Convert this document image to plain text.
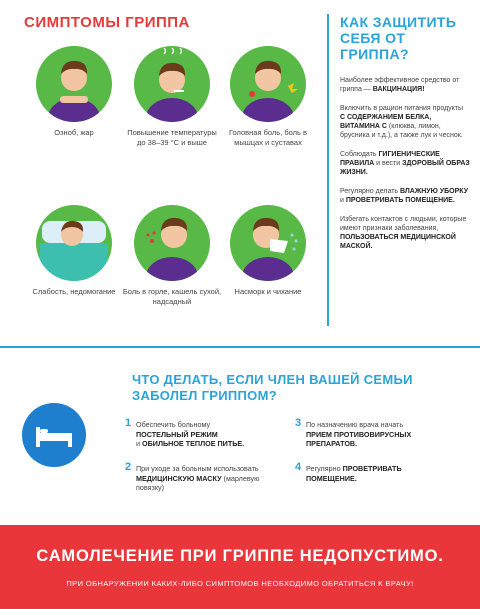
СИМПТОМЫ ГРИППА
Озноб, жар	Повышение температуры до 38–39 °С и выше
Головная боль, боль в мышцах и суставах
Слабость, недомогание Боль в горле, кашель сухой, надсадный
Насморк и чихание
КАК ЗАЩИТИТЬ СЕБЯ ОТ ГРИППА?

Наиболее эффективное средство от гриппа — ВАКЦИНАЦИЯ!

Включить в рацион питания продукты С СОДЕРЖАНИЕМ БЕЛКА, ВИТАМИНА С (клюква, лимон, брусника и т.д.), а также лук и чеснок.

Соблюдать ГИГИЕНИЧЕСКИЕ ПРАВИЛА и вести ЗДОРОВЫЙ ОБРАЗ ЖИЗНИ.

Регулярно делать ВЛАЖНУЮ УБОРКУ и ПРОВЕТРИВАТЬ ПОМЕЩЕНИЕ.

Избегать контактов с людьми, которые имеют признаки заболевания, ПОЛЬЗОВАТЬСЯ МЕДИЦИНСКОЙ МАСКОЙ.

ЧТО ДЕЛАТЬ, ЕСЛИ ЧЛЕН ВАШЕЙ СЕМЬИ ЗАБОЛЕЛ ГРИППОМ?
1 Обеспечить больному
ПОСТЕЛЬНЫЙ РЕЖИМ
и ОБИЛЬНОЕ ТЕПЛОЕ ПИТЬЕ.
2 При уходе за больным использовать
МЕДИЦИНСКУЮ МАСКУ (марлевую повязку)
3 По назначению врача начать
ПРИЕМ ПРОТИВОВИРУСНЫХ ПРЕПАРАТОВ.
4 Регулярно ПРОВЕТРИВАТЬ ПОМЕЩЕНИЕ.
САМОЛЕЧЕНИЕ ПРИ ГРИППЕ НЕДОПУСТИМО.
ПРИ ОБНАРУЖЕНИИ КАКИХ-ЛИБО СИМПТОМОВ НЕОБХОДИМО ОБРАТИТЬСЯ К ВРАЧУ!
